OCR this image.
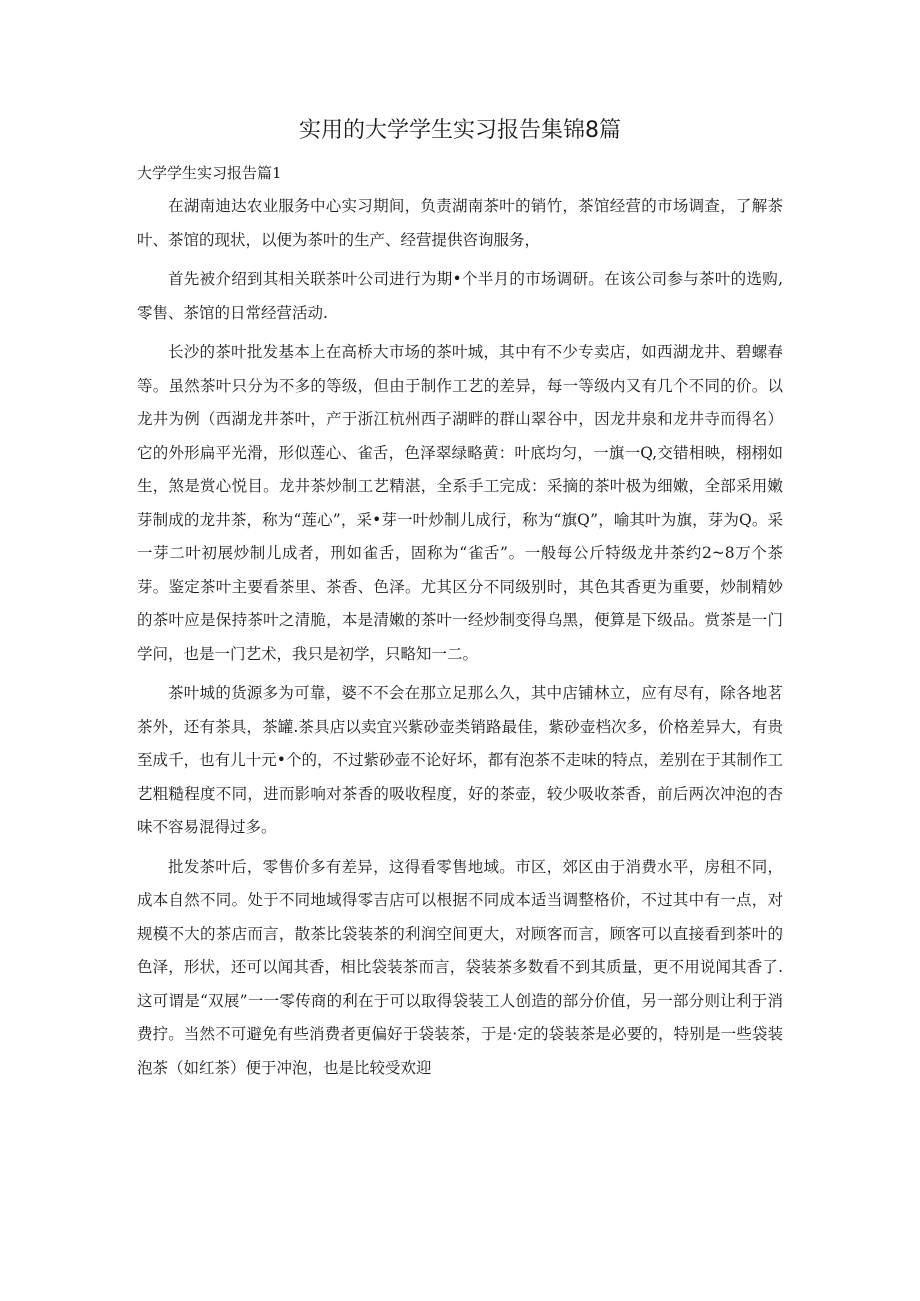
实用的大学学生实习报告集锦8篇
大学学生实习报告篇1

在湖南迪达农业服务中心实习期间，负责湖南茶叶的销竹，茶馆经营的市场调查，了解茶叶、茶馆的现状，以便为茶叶的生产、经营提供咨询服务，

首先被介绍到其相关联茶叶公司进行为期•个半月的市场调研。在该公司参与茶叶的选购,零售、茶馆的日常经营活动.

长沙的茶叶批发基本上在高桥大市场的茶叶城，其中有不少专卖店，如西湖龙井、碧螺春等。虽然茶叶只分为不多的等级，但由于制作工艺的差异，每一等级内又有几个不同的价。以龙井为例（西湖龙井茶叶，产于浙江杭州西子湖畔的群山翠谷中，因龙井泉和龙井寺而得名）它的外形扁平光滑，形似莲心、雀舌，色泽翠绿略黄：叶底均匀，一旗一Q,交错相映，栩栩如生，煞是赏心悦目。龙井茶炒制工艺精湛，全系手工完成：采摘的茶叶极为细嫩，全部采用嫩芽制成的龙井茶，称为“莲心”，采•芽一叶炒制儿成行，称为“旗Q”，喻其叶为旗，芽为Q。采一芽二叶初展炒制儿成者，刑如雀舌，固称为“雀舌”。一般每公斤特级龙井茶约2~8万个茶芽。鉴定茶叶主要看茶里、茶香、色泽。尤其区分不同级别时，其色其香更为重要，炒制精妙的茶叶应是保持茶叶之清脆，本是清嫩的茶叶一经炒制变得乌黑，便算是下级品。赏茶是一门学问，也是一门艺术，我只是初学，只略知一二。

茶叶城的货源多为可靠，婆不不会在那立足那么久，其中店铺林立，应有尽有，除各地茗茶外，还有茶具，茶罐.茶具店以卖宜兴紫砂壶类销路最佳，紫砂壶档次多，价格差异大，有贵至成千，也有儿十元•个的，不过紫砂壶不论好坏，都有泡茶不走味的特点，差别在于其制作工艺粗糙程度不同，进而影响对茶香的吸收程度，好的茶壶，较少吸收茶香，前后两次冲泡的杏味不容易混得过多。

批发茶叶后，零售价多有差异，这得看零售地域。市区，郊区由于消费水平，房租不同，成本自然不同。处于不同地域得零吉店可以根据不同成本适当调整格价，不过其中有一点，对规模不大的茶店而言，散茶比袋装茶的利润空间更大，对顾客而言，顾客可以直接看到茶叶的色泽，形状，还可以闻其香，相比袋装茶而言，袋装茶多数看不到其质量，更不用说闻其香了.这可谓是“双展”一一零传商的利在于可以取得袋装工人创造的部分价值，另一部分则让利于消费拧。当然不可避免有些消费者更偏好于袋装茶，于是·定的袋装茶是必要的，特别是一些袋装泡茶（如红茶）便于冲泡，也是比较受欢迎
